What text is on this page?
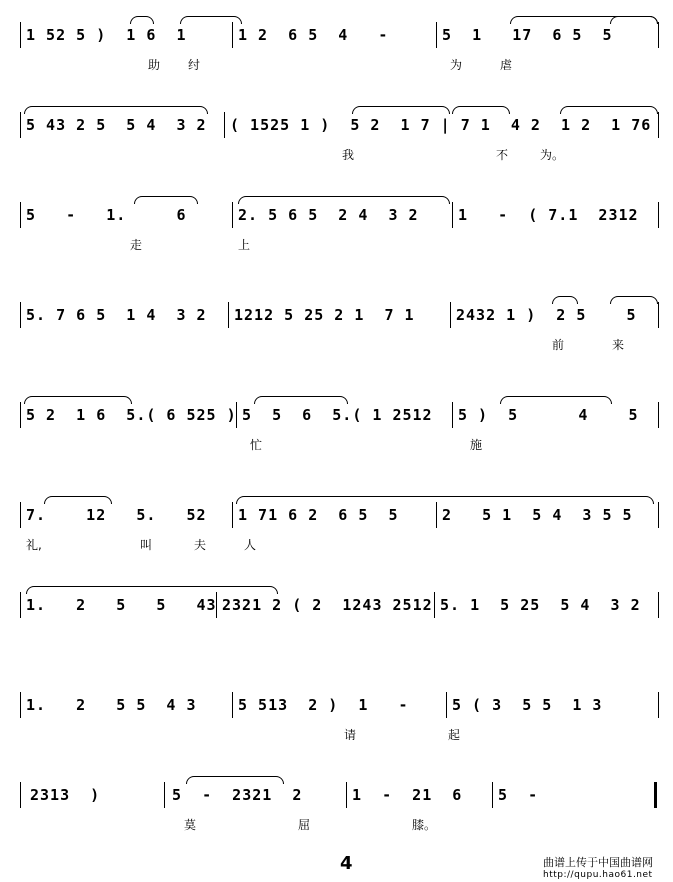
1 52 5 )  1 6  1	1 2  6 5  4   -	5  1   17  6 5  5
助 纣	为	虐
5 43 2 5  5 4  3 2 ( 1525 1 )  5 2  1 7 | 7 1  4 2  1 2  1 76
我	不	为。
5   -   1.     6	2. 5 6 5  2 4  3 2	1   -  ( 7.1  2312
走	上
5. 7 6 5  1 4  3 2 1212 5 25 2 1  7 1	2432 1 )  2 5    5
前	来
5 2  1 6  5.( 6 525 ) 5  5  6  5.( 1 2512 5 )  5      4    5
忙	施
7.    12   5.   52 1 71 6 2  6 5  5	2   5 1  5 4  3 5 5
礼,	叫	夫	人
1.   2   5   5   43 2321 2 ( 2  1243 2512 5. 1  5 25  5 4  3 2
1.   2   5 5  4 3	5 513  2 )  1   -	5 ( 3  5 5  1 3
请	起
2313  )	5  -  2321  2	1  -  21  6 5  -
莫	屈	膝。
4	曲谱上传于中国曲谱网
http://qupu.hao61.net
